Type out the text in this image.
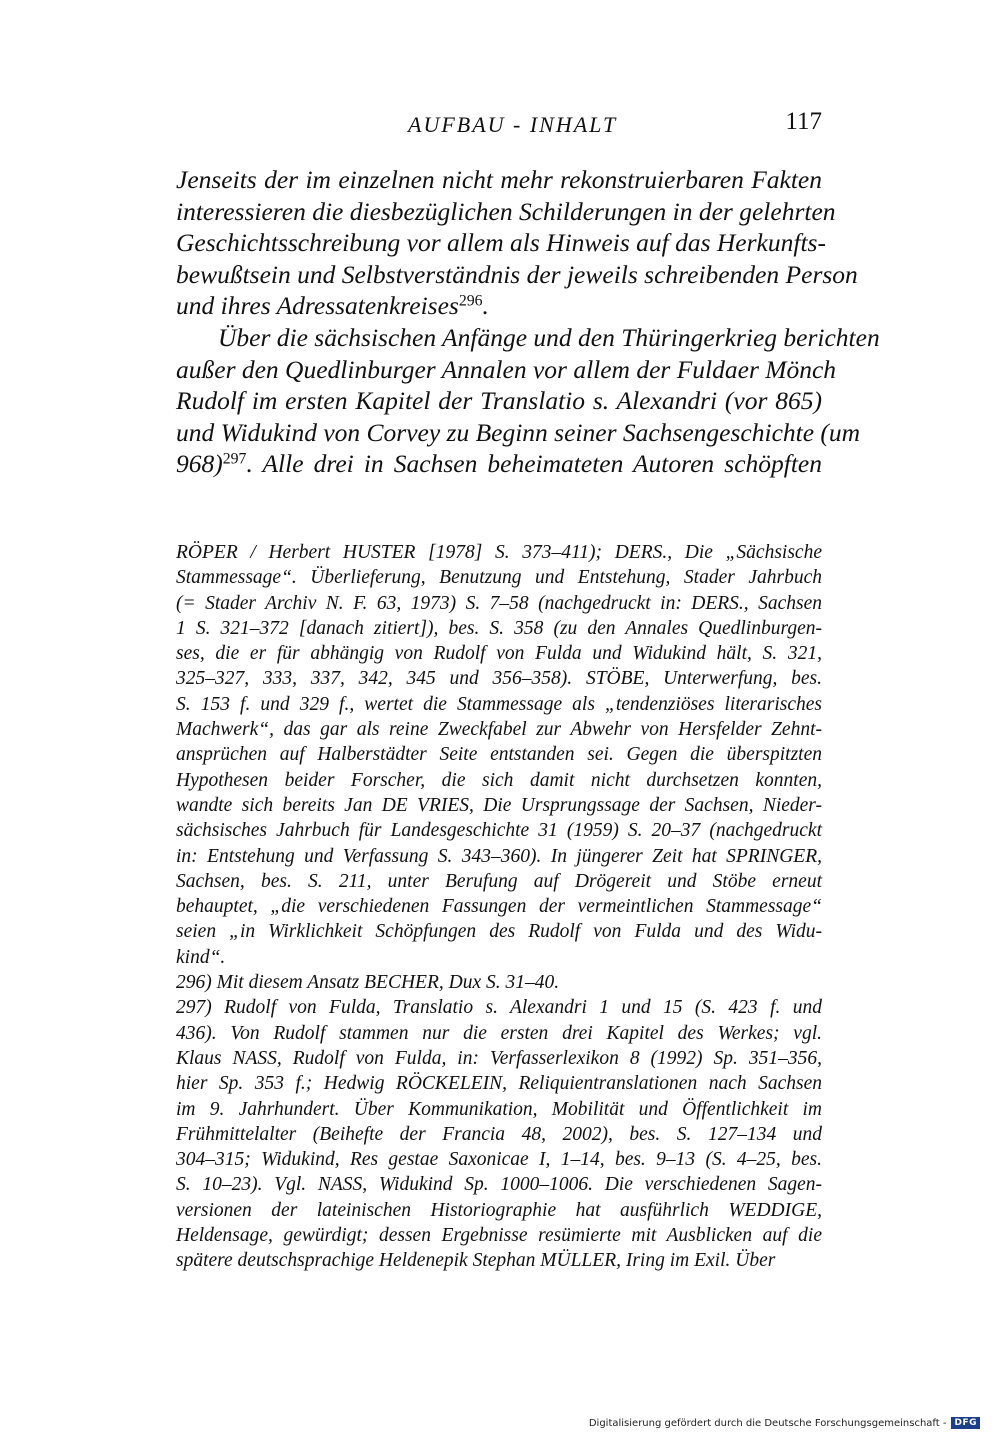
AUFBAU - INHALT	117
Jenseits der im einzelnen nicht mehr rekonstruierbaren Fakten
interessieren die diesbezüglichen Schilderungen in der gelehrten
Geschichtsschreibung vor allem als Hinweis auf das Herkunfts-
bewußtsein und Selbstverständnis der jeweils schreibenden Person
und ihres Adressatenkreises$^{296}$.
Über die sächsischen Anfänge und den Thüringerkrieg berichten
außer den Quedlinburger Annalen vor allem der Fuldaer Mönch
Rudolf im ersten Kapitel der Translatio s. Alexandri (vor 865)
und Widukind von Corvey zu Beginn seiner Sachsengeschichte (um
968)$^{297}$. Alle drei in Sachsen beheimateten Autoren schöpften
RÖPER / Herbert HUSTER [1978] S. 373–411); DERS., Die „Sächsische
Stammessage“. Überlieferung, Benutzung und Entstehung, Stader Jahrbuch
(= Stader Archiv N. F. 63, 1973) S. 7–58 (nachgedruckt in: DERS., Sachsen
1 S. 321–372 [danach zitiert]), bes. S. 358 (zu den Annales Quedlinburgen-
ses, die er für abhängig von Rudolf von Fulda und Widukind hält, S. 321,
325–327, 333, 337, 342, 345 und 356–358). STÖBE, Unterwerfung, bes.
S. 153 f. und 329 f., wertet die Stammessage als „tendenziöses literarisches
Machwerk“, das gar als reine Zweckfabel zur Abwehr von Hersfelder Zehnt-
ansprüchen auf Halberstädter Seite entstanden sei. Gegen die überspitzten
Hypothesen beider Forscher, die sich damit nicht durchsetzen konnten,
wandte sich bereits Jan DE VRIES, Die Ursprungssage der Sachsen, Nieder-
sächsisches Jahrbuch für Landesgeschichte 31 (1959) S. 20–37 (nachgedruckt
in: Entstehung und Verfassung S. 343–360). In jüngerer Zeit hat SPRINGER,
Sachsen, bes. S. 211, unter Berufung auf Drögereit und Stöbe erneut
behauptet, „die verschiedenen Fassungen der vermeintlichen Stammessage“
seien „in Wirklichkeit Schöpfungen des Rudolf von Fulda und des Widu-
kind“.
296) Mit diesem Ansatz BECHER, Dux S. 31–40.
297) Rudolf von Fulda, Translatio s. Alexandri 1 und 15 (S. 423 f. und
436). Von Rudolf stammen nur die ersten drei Kapitel des Werkes; vgl.
Klaus NASS, Rudolf von Fulda, in: Verfasserlexikon 8 (1992) Sp. 351–356,
hier Sp. 353 f.; Hedwig RÖCKELEIN, Reliquientranslationen nach Sachsen
im 9. Jahrhundert. Über Kommunikation, Mobilität und Öffentlichkeit im
Frühmittelalter (Beihefte der Francia 48, 2002), bes. S. 127–134 und
304–315; Widukind, Res gestae Saxonicae I, 1–14, bes. 9–13 (S. 4–25, bes.
S. 10–23). Vgl. NASS, Widukind Sp. 1000–1006. Die verschiedenen Sagen-
versionen der lateinischen Historiographie hat ausführlich WEDDIGE,
Heldensage, gewürdigt; dessen Ergebnisse resümierte mit Ausblicken auf die
spätere deutschsprachige Heldenepik Stephan MÜLLER, Iring im Exil. Über
Digitalisierung gefördert durch die Deutsche Forschungsgemeinschaft - DFG
